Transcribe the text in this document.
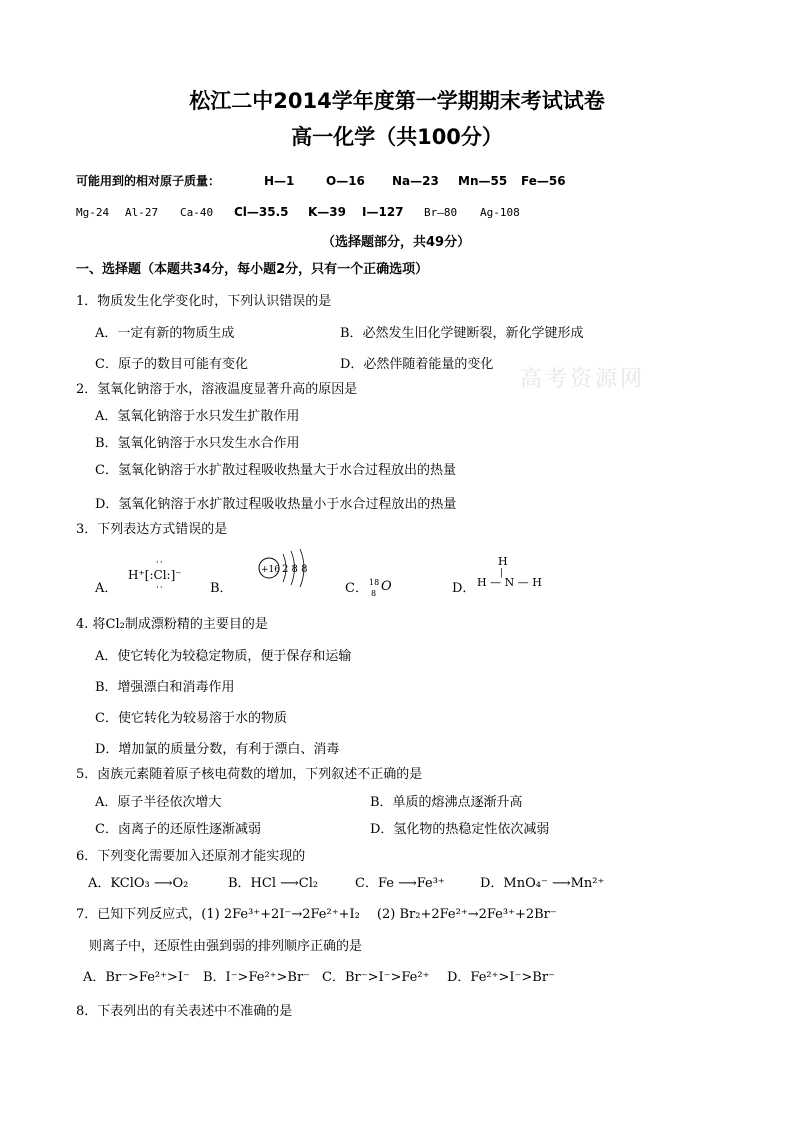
松江二中2014学年度第一学期期末考试试卷
高一化学（共100分）
可能用到的相对原子质量：	H—1	O—16 Na—23 Mn—55 Fe—56
Mg-24 Al-27 Ca-40 Cl—35.5 K—39 I—127 Br—80 Ag-108
（选择题部分，共49分）
一、选择题（本题共34分，每小题2分，只有一个正确选项）
高考资源网
1．物质发生化学变化时，下列认识错误的是
A．一定有新的物质生成	B．必然发生旧化学键断裂，新化学键形成
C．原子的数目可能有变化	D．必然伴随着能量的变化
2．氢氧化钠溶于水，溶液温度显著升高的原因是
A．氢氧化钠溶于水只发生扩散作用
B．氢氧化钠溶于水只发生水合作用
C．氢氧化钠溶于水扩散过程吸收热量大于水合过程放出的热量
D．氢氧化钠溶于水扩散过程吸收热量小于水合过程放出的热量
3．下列表达方式错误的是
A．
H⁺[:Cl:]⁻
··
··	B．
+16 2 8 8
C． 18
8 O	D．
H
|
H — N — H
4. 将Cl₂制成漂粉精的主要目的是
A．使它转化为较稳定物质，便于保存和运输
B．增强漂白和消毒作用
C．使它转化为较易溶于水的物质
D．增加氯的质量分数，有利于漂白、消毒
5．卤族元素随着原子核电荷数的增加，下列叙述不正确的是
A．原子半径依次增大	B．单质的熔沸点逐渐升高
C．卤离子的还原性逐渐减弱	D．氢化物的热稳定性依次减弱
6．下列变化需要加入还原剂才能实现的
A．KClO₃ ⟶O₂	B．HCl ⟶Cl₂	C．Fe ⟶Fe³⁺	D．MnO₄⁻ ⟶Mn²⁺
7．已知下列反应式，(1) 2Fe³⁺+2I⁻→2Fe²⁺+I₂　 (2) Br₂+2Fe²⁺→2Fe³⁺+2Br⁻
则离子中，还原性由强到弱的排列顺序正确的是
A．Br⁻>Fe²⁺>I⁻ B．I⁻>Fe²⁺>Br⁻ C．Br⁻>I⁻>Fe²⁺ D．Fe²⁺>I⁻>Br⁻
8．下表列出的有关表述中不准确的是
